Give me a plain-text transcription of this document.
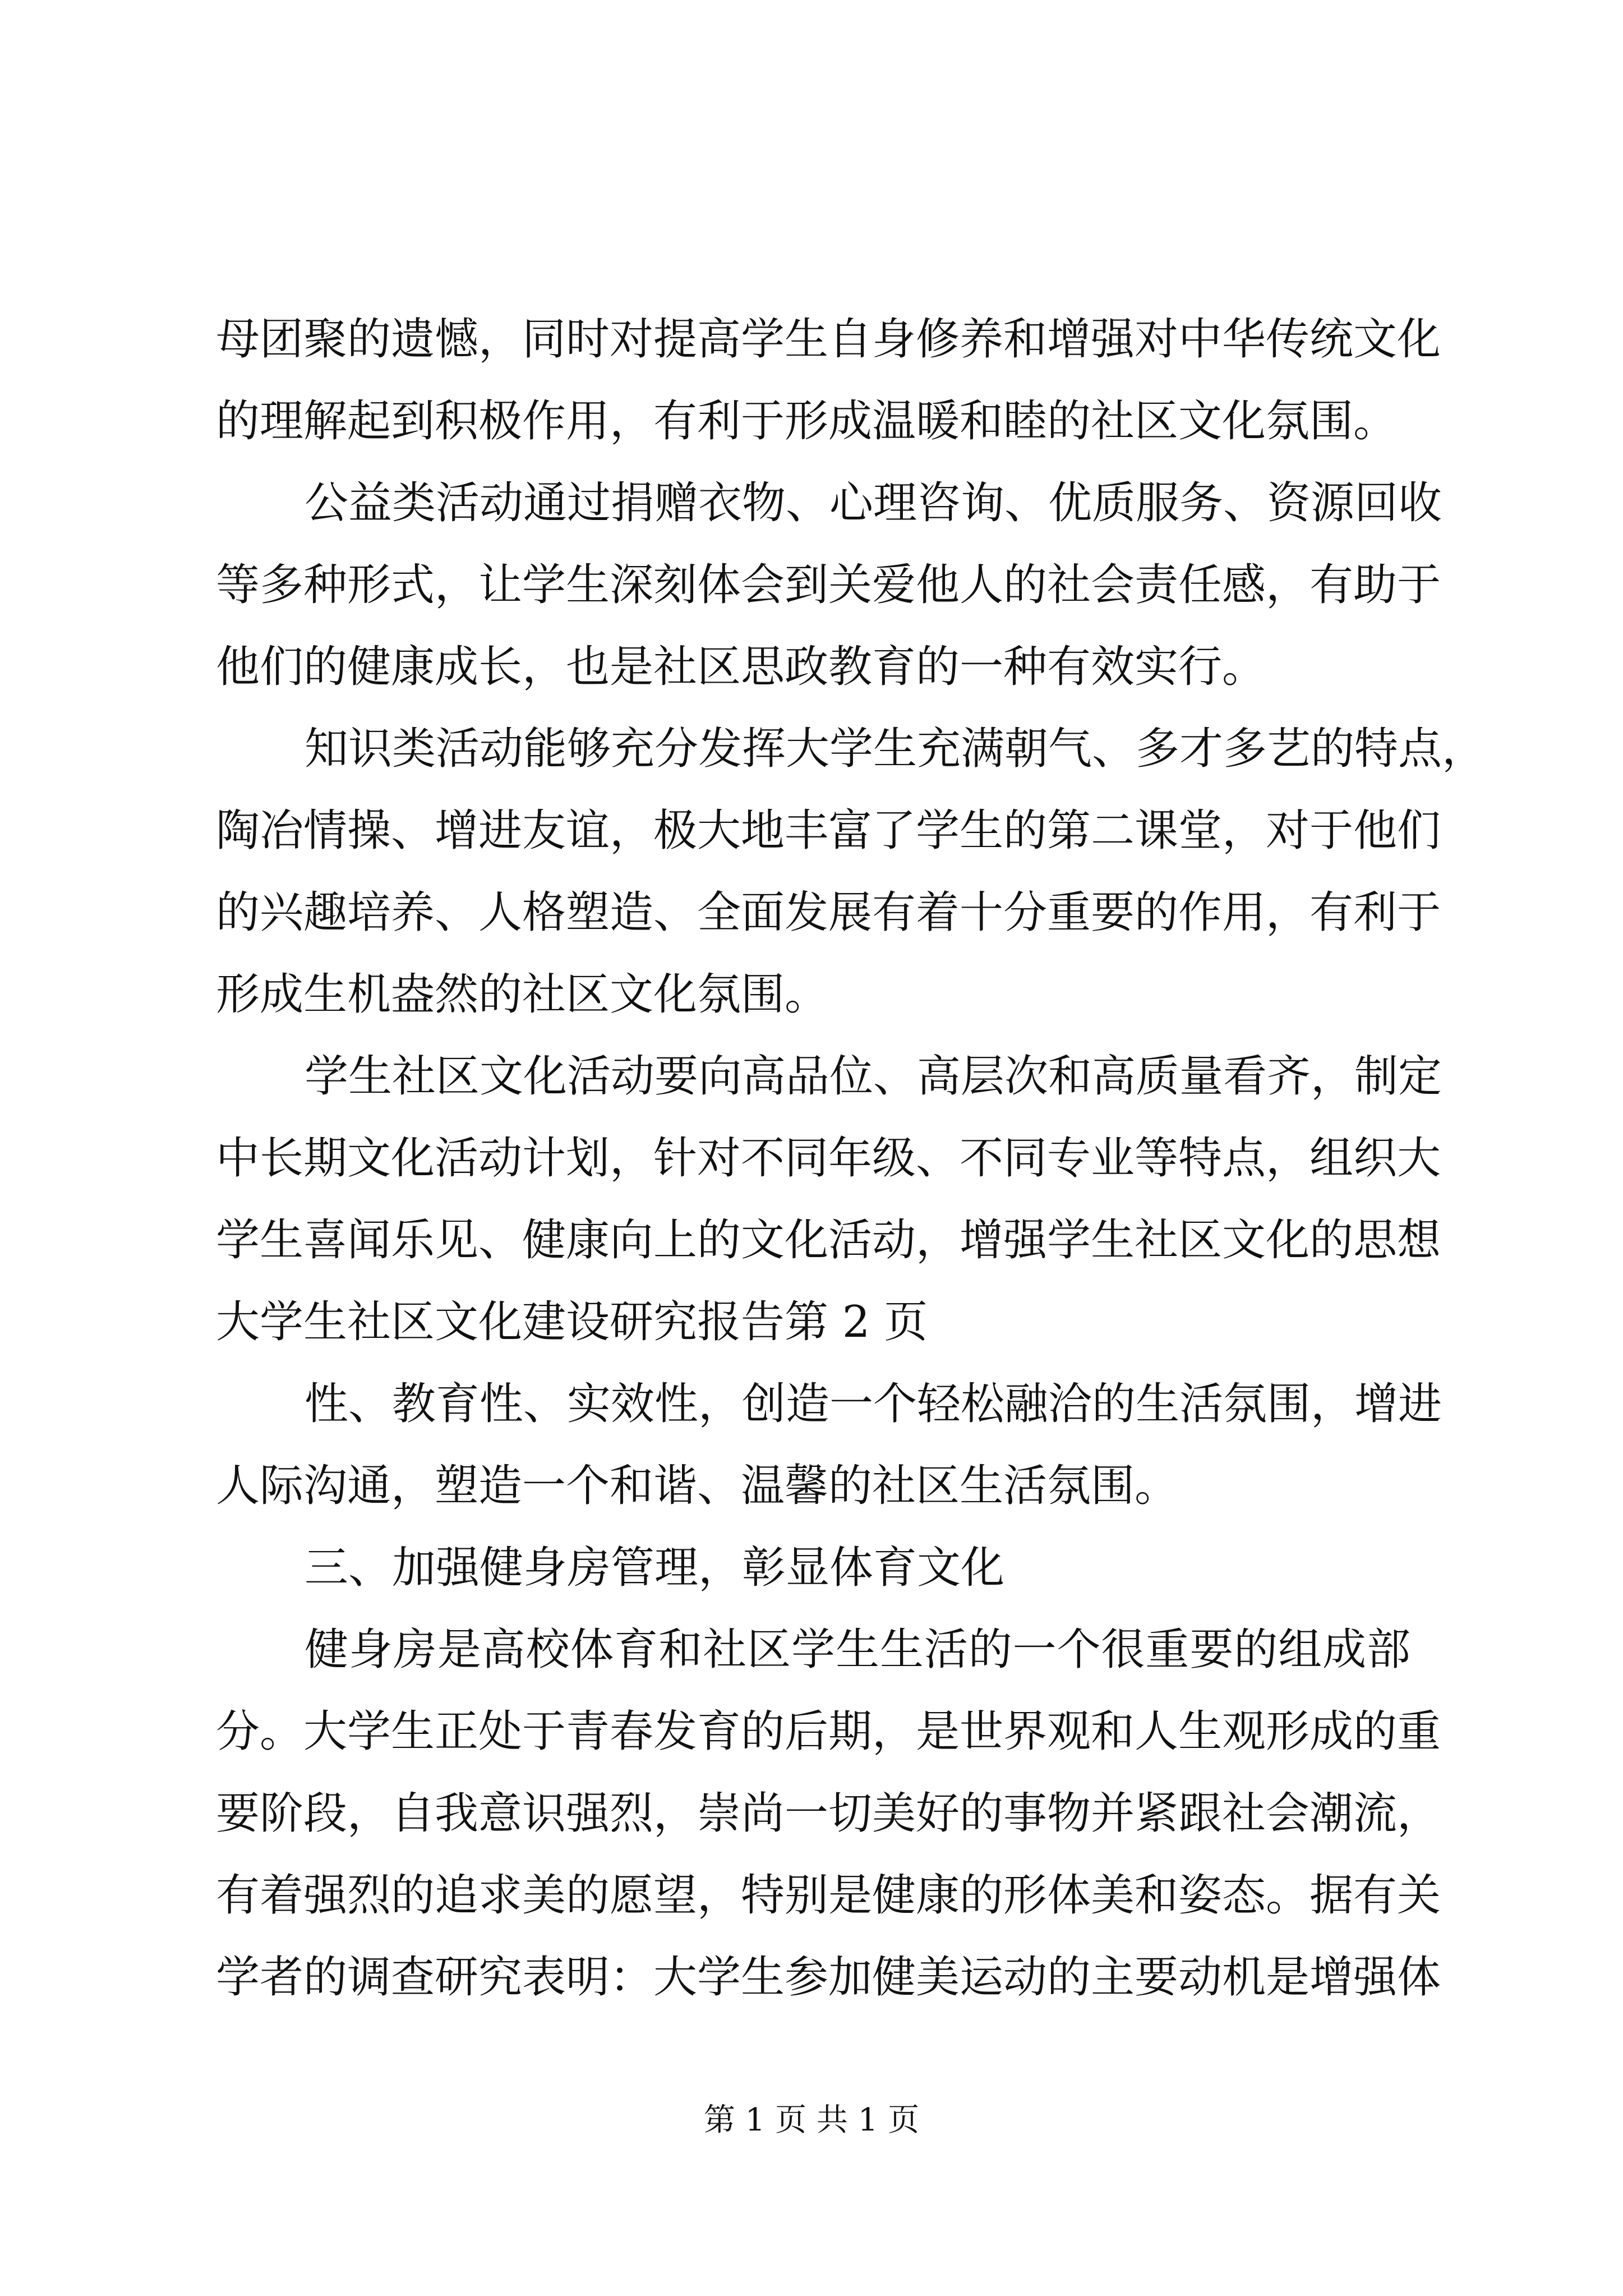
母团聚的遗憾，同时对提高学生自身修养和增强对中华传统文化
的理解起到积极作用，有利于形成温暖和睦的社区文化氛围。
公益类活动通过捐赠衣物、心理咨询、优质服务、资源回收
等多种形式，让学生深刻体会到关爱他人的社会责任感，有助于
他们的健康成长，也是社区思政教育的一种有效实行。
知识类活动能够充分发挥大学生充满朝气、多才多艺的特点，
陶冶情操、增进友谊，极大地丰富了学生的第二课堂，对于他们
的兴趣培养、人格塑造、全面发展有着十分重要的作用，有利于
形成生机盎然的社区文化氛围。
学生社区文化活动要向高品位、高层次和高质量看齐，制定
中长期文化活动计划，针对不同年级、不同专业等特点，组织大
学生喜闻乐见、健康向上的文化活动，增强学生社区文化的思想
大学生社区文化建设研究报告第 2 页
性、教育性、实效性，创造一个轻松融洽的生活氛围，增进
人际沟通，塑造一个和谐、温馨的社区生活氛围。
三、加强健身房管理，彰显体育文化
健身房是高校体育和社区学生生活的一个很重要的组成部
分。大学生正处于青春发育的后期，是世界观和人生观形成的重
要阶段，自我意识强烈，崇尚一切美好的事物并紧跟社会潮流，
有着强烈的追求美的愿望，特别是健康的形体美和姿态。据有关
学者的调查研究表明：大学生参加健美运动的主要动机是增强体
第 1 页 共 1 页
